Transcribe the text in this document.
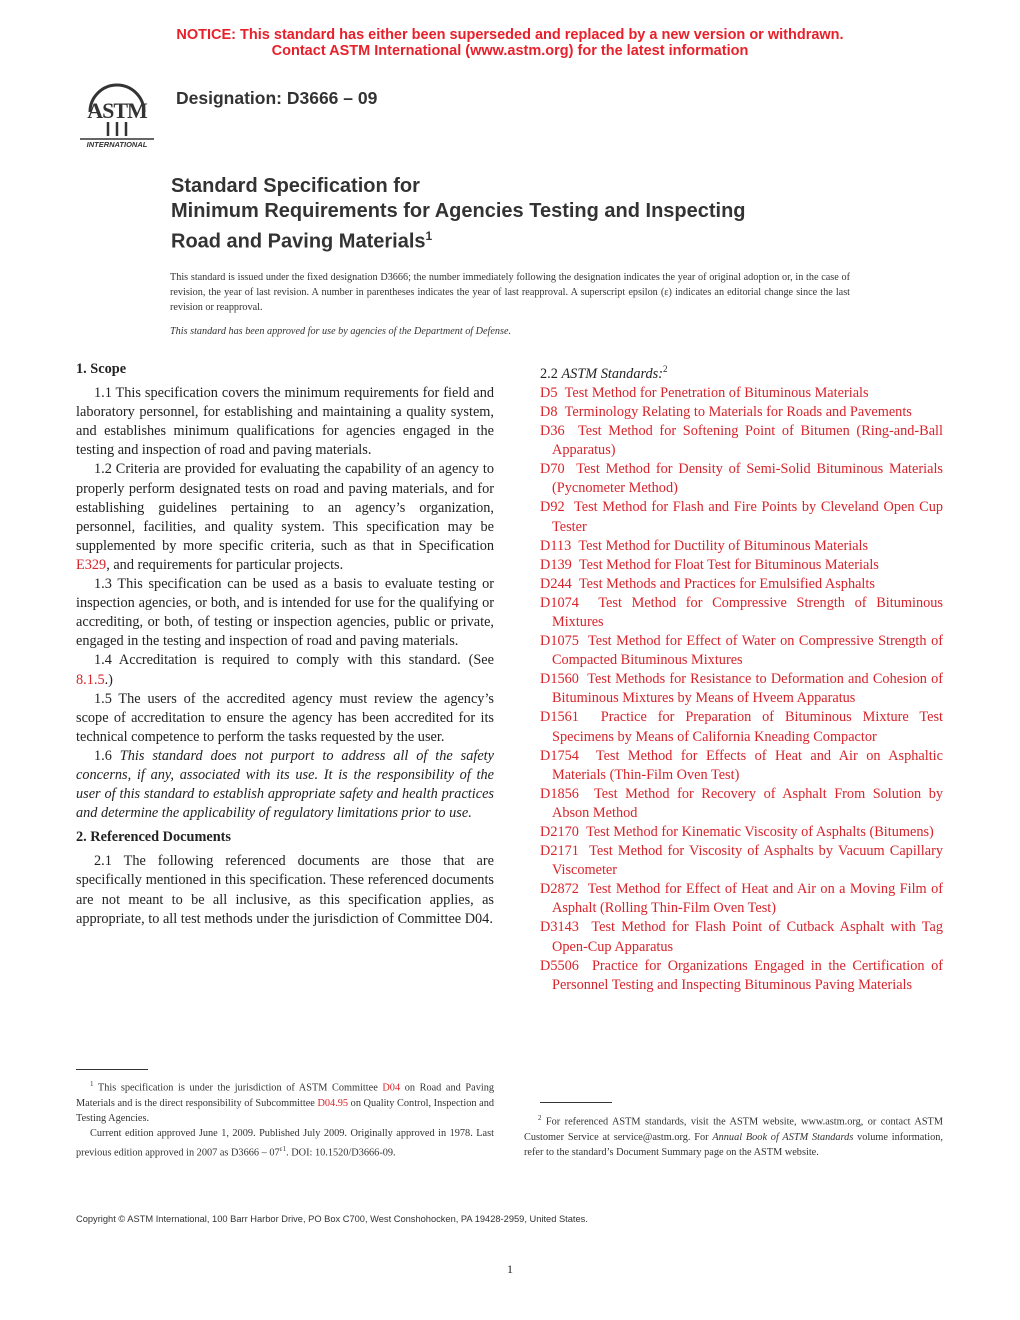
NOTICE: This standard has either been superseded and replaced by a new version or withdrawn.
Contact ASTM International (www.astm.org) for the latest information
ASTM
INTERNATIONAL
Designation: D3666 – 09
Standard Specification for
Minimum Requirements for Agencies Testing and Inspecting
Road and Paving Materials$^1$
This standard is issued under the fixed designation D3666; the number immediately following the designation indicates the year of original adoption or, in the case of revision, the year of last revision. A number in parentheses indicates the year of last reapproval. A superscript epsilon (ε) indicates an editorial change since the last revision or reapproval.
This standard has been approved for use by agencies of the Department of Defense.

1. Scope

1.1 This specification covers the minimum requirements for field and laboratory personnel, for establishing and maintaining a quality system, and establishes minimum qualifications for agencies engaged in the testing and inspection of road and paving materials.

1.2 Criteria are provided for evaluating the capability of an agency to properly perform designated tests on road and paving materials, and for establishing guidelines pertaining to an agency’s organization, personnel, facilities, and quality system. This specification may be supplemented by more specific criteria, such as that in Specification E329, and requirements for particular projects.

1.3 This specification can be used as a basis to evaluate testing or inspection agencies, or both, and is intended for use for the qualifying or accrediting, or both, of testing or inspection agencies, public or private, engaged in the testing and inspection of road and paving materials.

1.4 Accreditation is required to comply with this standard. (See 8.1.5.)

1.5 The users of the accredited agency must review the agency’s scope of accreditation to ensure the agency has been accredited for its technical competence to perform the tasks requested by the user.

1.6 This standard does not purport to address all of the safety concerns, if any, associated with its use. It is the responsibility of the user of this standard to establish appropriate safety and health practices and determine the applicability of regulatory limitations prior to use.

2. Referenced Documents

2.1 The following referenced documents are those that are specifically mentioned in this specification. These referenced documents are not meant to be all inclusive, as this specification applies, as appropriate, to all test methods under the jurisdiction of Committee D04.

2.2 ASTM Standards:$^2$

D5 Test Method for Penetration of Bituminous Materials

D8 Terminology Relating to Materials for Roads and Pavements

D36 Test Method for Softening Point of Bitumen (Ring-and-Ball Apparatus)

D70 Test Method for Density of Semi-Solid Bituminous Materials (Pycnometer Method)

D92 Test Method for Flash and Fire Points by Cleveland Open Cup Tester

D113 Test Method for Ductility of Bituminous Materials

D139 Test Method for Float Test for Bituminous Materials

D244 Test Methods and Practices for Emulsified Asphalts

D1074 Test Method for Compressive Strength of Bituminous Mixtures

D1075 Test Method for Effect of Water on Compressive Strength of Compacted Bituminous Mixtures

D1560 Test Methods for Resistance to Deformation and Cohesion of Bituminous Mixtures by Means of Hveem Apparatus

D1561 Practice for Preparation of Bituminous Mixture Test Specimens by Means of California Kneading Compactor

D1754 Test Method for Effects of Heat and Air on Asphaltic Materials (Thin-Film Oven Test)

D1856 Test Method for Recovery of Asphalt From Solution by Abson Method

D2170 Test Method for Kinematic Viscosity of Asphalts (Bitumens)

D2171 Test Method for Viscosity of Asphalts by Vacuum Capillary Viscometer

D2872 Test Method for Effect of Heat and Air on a Moving Film of Asphalt (Rolling Thin-Film Oven Test)

D3143 Test Method for Flash Point of Cutback Asphalt with Tag Open-Cup Apparatus

D5506 Practice for Organizations Engaged in the Certification of Personnel Testing and Inspecting Bituminous Paving Materials

$^1$ This specification is under the jurisdiction of ASTM Committee D04 on Road and Paving Materials and is the direct responsibility of Subcommittee D04.95 on Quality Control, Inspection and Testing Agencies.

Current edition approved June 1, 2009. Published July 2009. Originally approved in 1978. Last previous edition approved in 2007 as $D3666 - 07^{\varepsilon 1}$. DOI: 10.1520/D3666-09.

$^2$ For referenced ASTM standards, visit the ASTM website, www.astm.org, or contact ASTM Customer Service at service@astm.org. For Annual Book of ASTM Standards volume information, refer to the standard’s Document Summary page on the ASTM website.

Copyright © ASTM International, 100 Barr Harbor Drive, PO Box C700, West Conshohocken, PA 19428-2959, United States.
1
